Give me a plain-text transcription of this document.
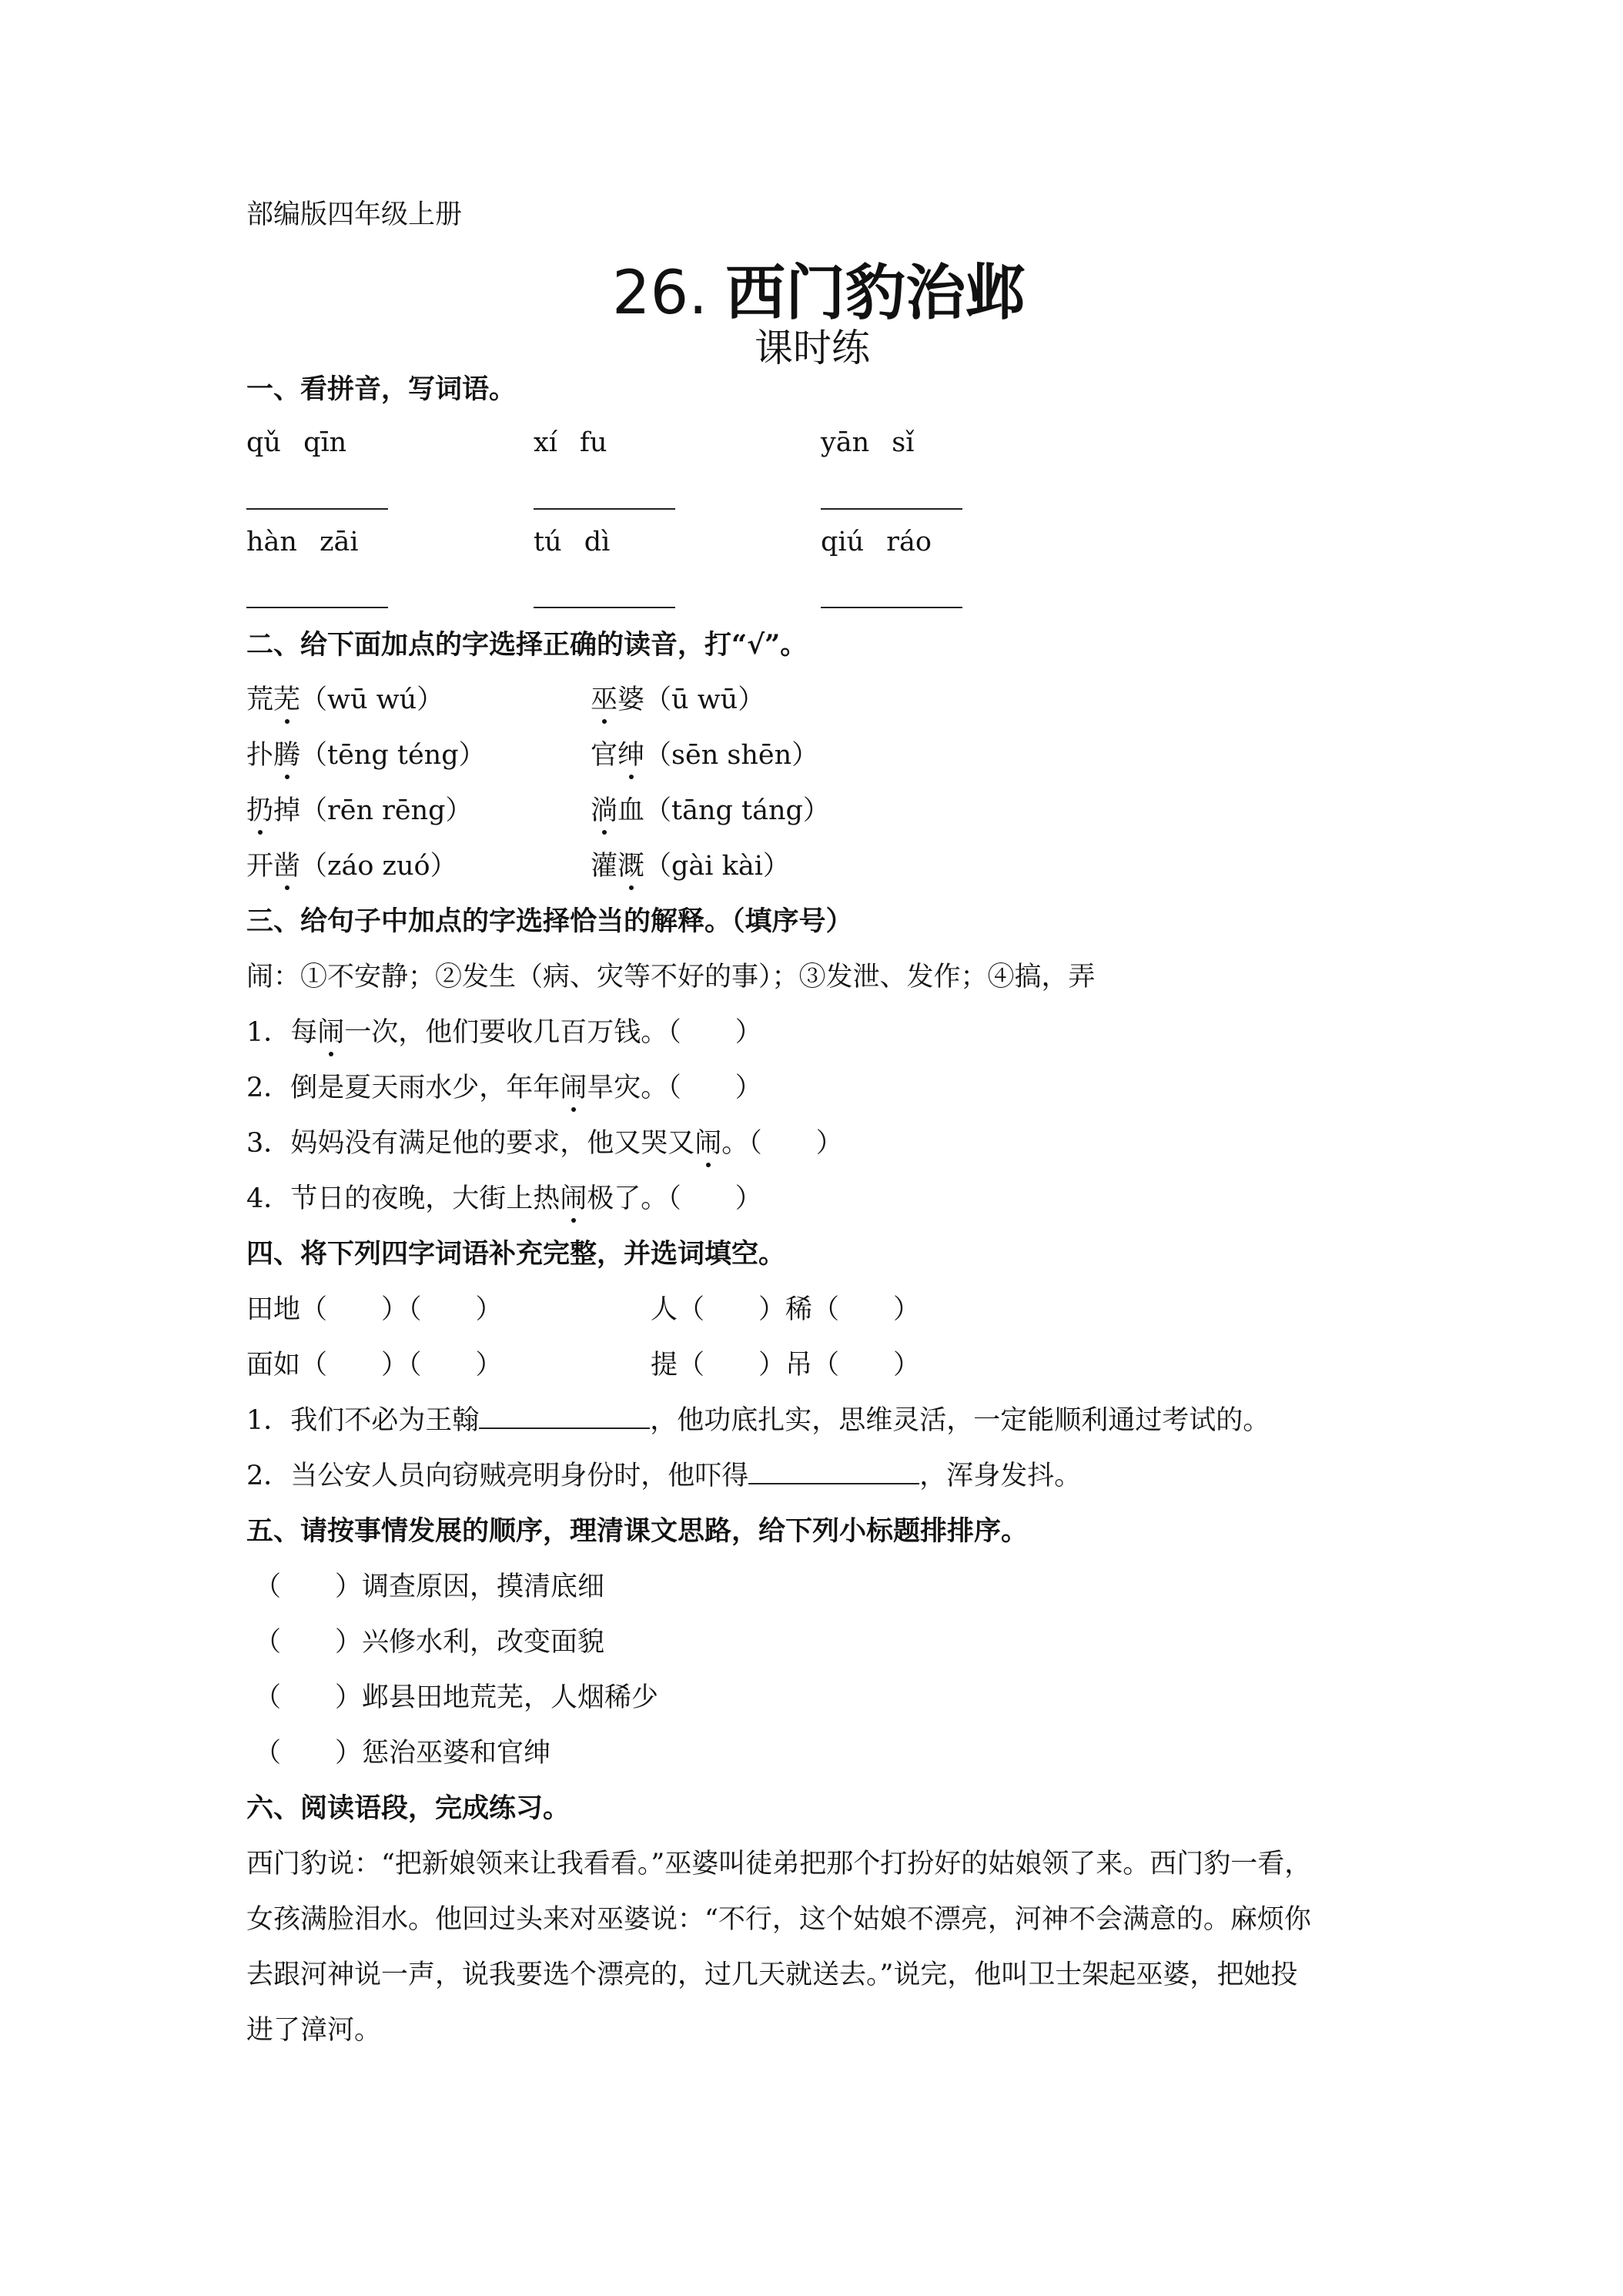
部编版四年级上册
26. 西门豹治邺
课时练
一、看拼音，写词语。
qǔ qīn	xí fu	yān sǐ
hàn zāi	tú dì	qiú ráo
二、给下面加点的字选择正确的读音，打“√”。
荒芜（wū wú）	巫婆（ū wū）
扑腾（tēng téng）	官绅（sēn shēn）
扔掉（rēn rēng）	淌血（tāng táng）
开凿（záo zuó）	灌溉（gài kài）
三、给句子中加点的字选择恰当的解释。（填序号）
闹：①不安静；②发生（病、灾等不好的事）；③发泄、发作；④搞，弄
1．每闹一次，他们要收几百万钱。（　　）
2．倒是夏天雨水少，年年闹旱灾。（　　）
3．妈妈没有满足他的要求，他又哭又闹。（　　）
4．节日的夜晚，大街上热闹极了。（　　）
四、将下列四字词语补充完整，并选词填空。
田地（　　）（　　）	人（　　）稀（　　）
面如（　　）（　　）	提（　　）吊（　　）
1．我们不必为王翰	，他功底扎实，思维灵活，一定能顺利通过考试的。
2．当公安人员向窃贼亮明身份时，他吓得	，浑身发抖。
五、请按事情发展的顺序，理清课文思路，给下列小标题排排序。
（　　）调查原因，摸清底细
（　　）兴修水利，改变面貌
（　　）邺县田地荒芜，人烟稀少
（　　）惩治巫婆和官绅
六、阅读语段，完成练习。
西门豹说：“把新娘领来让我看看。”巫婆叫徒弟把那个打扮好的姑娘领了来。西门豹一看，
女孩满脸泪水。他回过头来对巫婆说：“不行，这个姑娘不漂亮，河神不会满意的。麻烦你
去跟河神说一声，说我要选个漂亮的，过几天就送去。”说完，他叫卫士架起巫婆，把她投
进了漳河。
